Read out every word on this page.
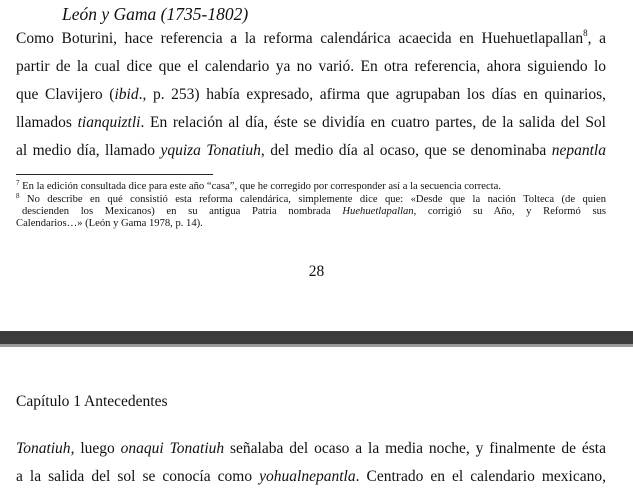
León y Gama (1735-1802)
Como Boturini, hace referencia a la reforma calendárica acaecida en Huehuetlapallan$^8$, a
partir de la cual dice que el calendario ya no varió. En otra referencia, ahora siguiendo lo
que Clavijero (ibid., p. 253) había expresado, afirma que agrupaban los días en quinarios,
llamados tianquiztli. En relación al día, éste se dividía en cuatro partes, de la salida del Sol
al medio día, llamado yquiza Tonatiuh, del medio día al ocaso, que se denominaba nepantla
$^7$ En la edición consultada dice para este año “casa”, que he corregido por corresponder así a la secuencia correcta.
$^8$ No describe en qué consistió esta reforma calendárica, simplemente dice que: «Desde que la nación Tolteca (de quien
descienden los Mexicanos) en su antigua Patria nombrada Huehuetlapallan, corrigió su Año, y Reformó sus
Calendarios…» (León y Gama 1978, p. 14).
28
Capítulo 1 Antecedentes
Tonatiuh, luego onaqui Tonatiuh señalaba del ocaso a la media noche, y finalmente de ésta
a la salida del sol se conocía como yohualnepantla. Centrado en el calendario mexicano,
